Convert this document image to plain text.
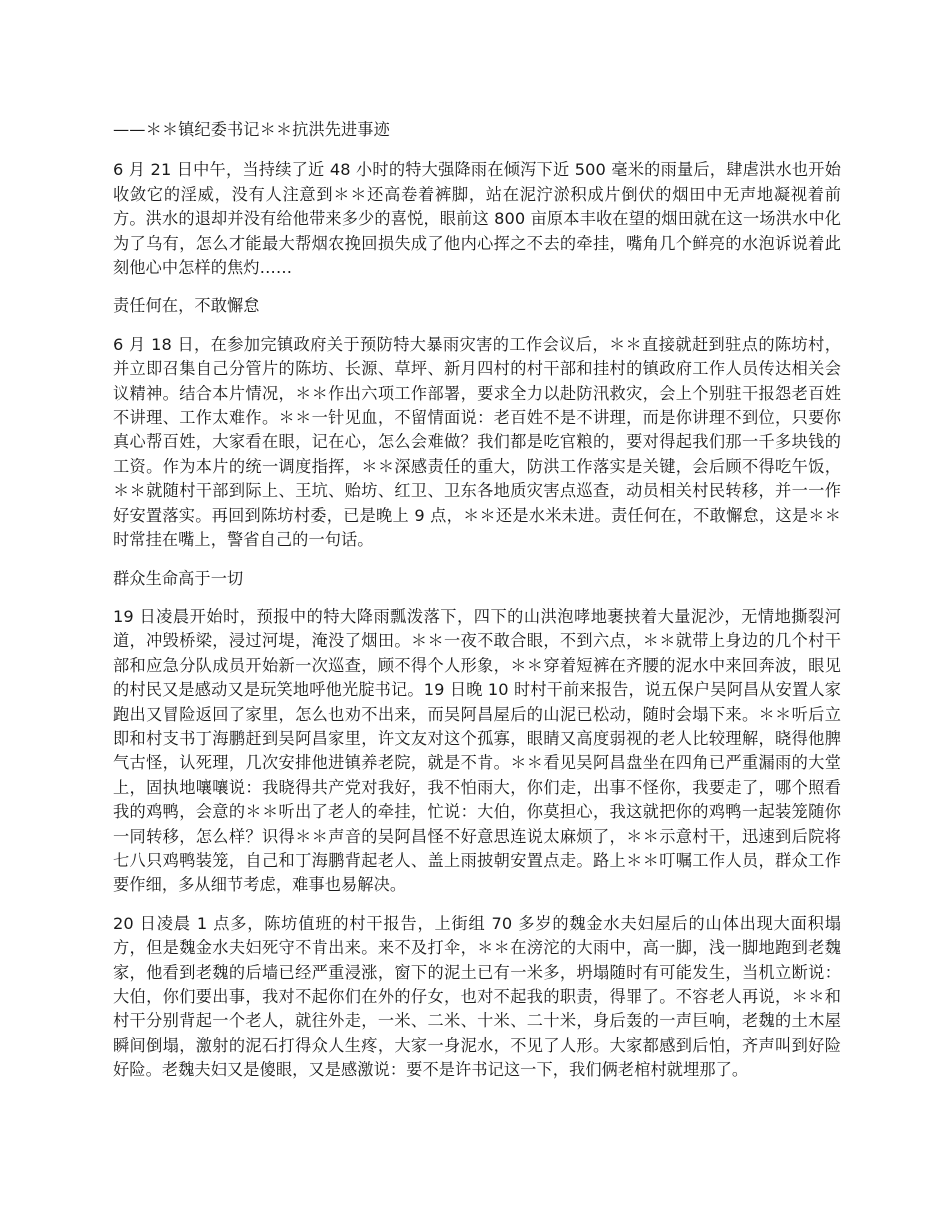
——＊＊镇纪委书记＊＊抗洪先进事迹

6 月 21 日中午，当持续了近 48 小时的特大强降雨在倾泻下近 500 毫米的雨量后，肆虐洪水也开始收敛它的淫威，没有人注意到＊＊还高卷着裤脚，站在泥泞淤积成片倒伏的烟田中无声地凝视着前方。洪水的退却并没有给他带来多少的喜悦，眼前这 800 亩原本丰收在望的烟田就在这一场洪水中化为了乌有，怎么才能最大帮烟农挽回损失成了他内心挥之不去的牵挂，嘴角几个鲜亮的水泡诉说着此刻他心中怎样的焦灼……

责任何在，不敢懈怠

6 月 18 日，在参加完镇政府关于预防特大暴雨灾害的工作会议后，＊＊直接就赶到驻点的陈坊村，并立即召集自己分管片的陈坊、长源、草坪、新月四村的村干部和挂村的镇政府工作人员传达相关会议精神。结合本片情况，＊＊作出六项工作部署，要求全力以赴防汛救灾，会上个别驻干报怨老百姓不讲理、工作太难作。＊＊一针见血，不留情面说：老百姓不是不讲理，而是你讲理不到位，只要你真心帮百姓，大家看在眼，记在心，怎么会难做？我们都是吃官粮的，要对得起我们那一千多块钱的工资。作为本片的统一调度指挥，＊＊深感责任的重大，防洪工作落实是关键，会后顾不得吃午饭，＊＊就随村干部到际上、王坑、贻坊、红卫、卫东各地质灾害点巡查，动员相关村民转移，并一一作好安置落实。再回到陈坊村委，已是晚上 9 点，＊＊还是水米未进。责任何在，不敢懈怠，这是＊＊时常挂在嘴上，警省自己的一句话。

群众生命高于一切

19 日凌晨开始时，预报中的特大降雨瓢泼落下，四下的山洪泡哮地裹挟着大量泥沙，无情地撕裂河道，冲毁桥梁，浸过河堤，淹没了烟田。＊＊一夜不敢合眼，不到六点，＊＊就带上身边的几个村干部和应急分队成员开始新一次巡查，顾不得个人形象，＊＊穿着短裤在齐腰的泥水中来回奔波，眼见的村民又是感动又是玩笑地呼他光腚书记。19 日晚 10 时村干前来报告，说五保户吴阿昌从安置人家跑出又冒险返回了家里，怎么也劝不出来，而吴阿昌屋后的山泥已松动，随时会塌下来。＊＊听后立即和村支书丁海鹏赶到吴阿昌家里，许文友对这个孤寡，眼睛又高度弱视的老人比较理解，晓得他脾气古怪，认死理，几次安排他进镇养老院，就是不肯。＊＊看见吴阿昌盘坐在四角已严重漏雨的大堂上，固执地嚷嚷说：我晓得共产党对我好，我不怕雨大，你们走，出事不怪你，我要走了，哪个照看我的鸡鸭，会意的＊＊听出了老人的牵挂，忙说：大伯，你莫担心，我这就把你的鸡鸭一起装笼随你一同转移，怎么样？识得＊＊声音的吴阿昌怪不好意思连说太麻烦了，＊＊示意村干，迅速到后院将七八只鸡鸭装笼，自己和丁海鹏背起老人、盖上雨披朝安置点走。路上＊＊叮嘱工作人员，群众工作要作细，多从细节考虑，难事也易解决。

20 日凌晨 1 点多，陈坊值班的村干报告，上街组 70 多岁的魏金水夫妇屋后的山体出现大面积塌方，但是魏金水夫妇死守不肯出来。来不及打伞，＊＊在滂沱的大雨中，高一脚，浅一脚地跑到老魏家，他看到老魏的后墙已经严重浸涨，窗下的泥土已有一米多，坍塌随时有可能发生，当机立断说：大伯，你们要出事，我对不起你们在外的仔女，也对不起我的职责，得罪了。不容老人再说，＊＊和村干分别背起一个老人，就往外走，一米、二米、十米、二十米，身后轰的一声巨响，老魏的土木屋瞬间倒塌，激射的泥石打得众人生疼，大家一身泥水，不见了人形。大家都感到后怕，齐声叫到好险好险。老魏夫妇又是傻眼，又是感激说：要不是许书记这一下，我们俩老棺村就埋那了。
